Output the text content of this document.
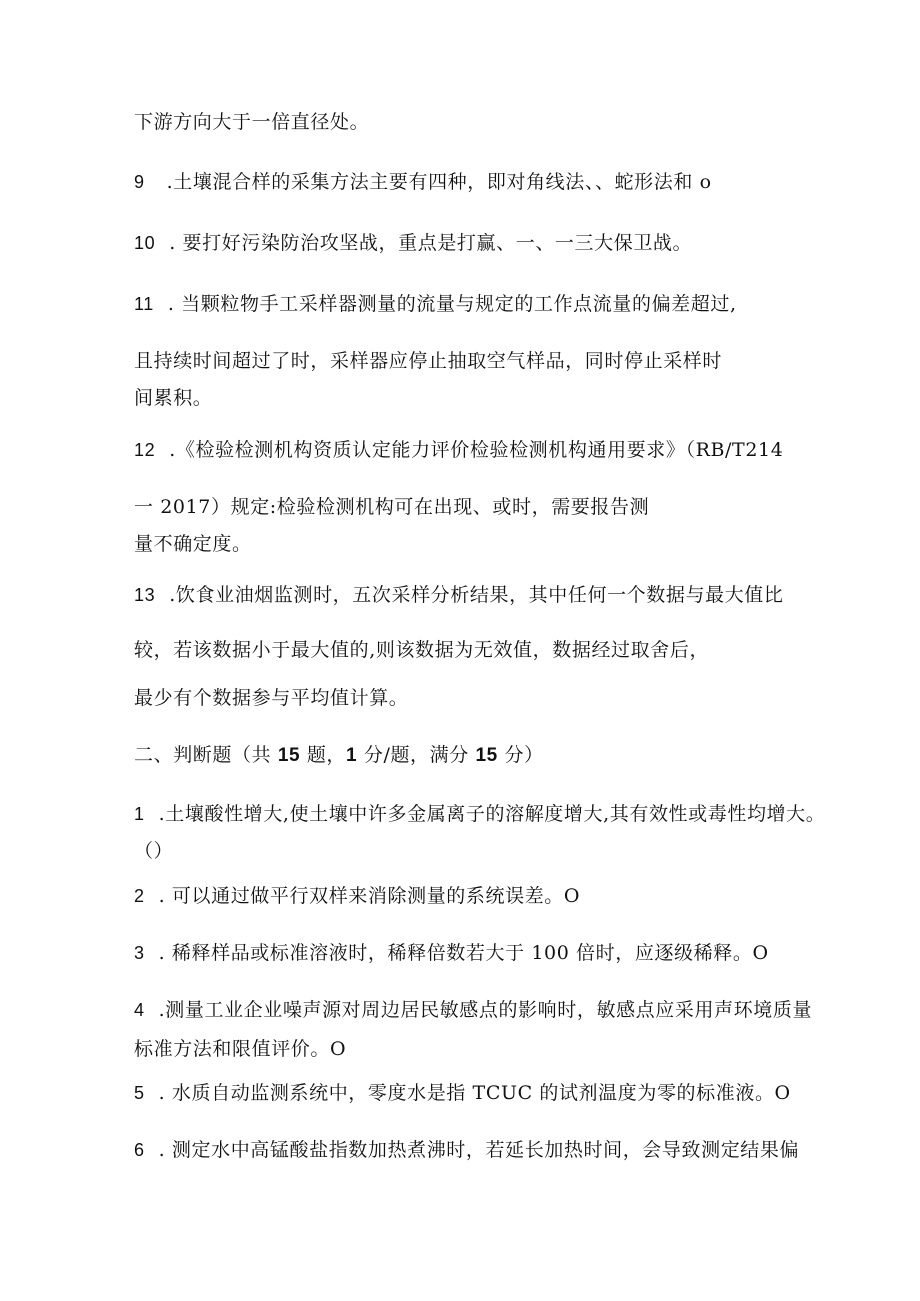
下游方向大于一倍直径处。
9 .土壤混合样的采集方法主要有四种，即对角线法、、蛇形法和 o
10 . 要打好污染防治攻坚战，重点是打赢、一、一三大保卫战。
11 . 当颗粒物手工采样器测量的流量与规定的工作点流量的偏差超过,
且持续时间超过了时，采样器应停止抽取空气样品，同时停止采样时
间累积。
12 .《检验检测机构资质认定能力评价检验检测机构通用要求》（RB/T214
一 2017）规定:检验检测机构可在出现、或时，需要报告测
量不确定度。
13 .饮食业油烟监测时，五次采样分析结果，其中任何一个数据与最大值比
较，若该数据小于最大值的,则该数据为无效值，数据经过取舍后，
最少有个数据参与平均值计算。
二、判断题（共 15 题，1 分/题，满分 15 分）
1 .土壤酸性增大,使土壤中许多金属离子的溶解度增大,其有效性或毒性均增大。
（）
2 . 可以通过做平行双样来消除测量的系统误差。O
3 . 稀释样品或标准溶液时，稀释倍数若大于 100 倍时，应逐级稀释。O
4 .测量工业企业噪声源对周边居民敏感点的影响时，敏感点应采用声环境质量
标准方法和限值评价。O
5 . 水质自动监测系统中，零度水是指 TCUC 的试剂温度为零的标准液。O
6 . 测定水中高锰酸盐指数加热煮沸时，若延长加热时间，会导致测定结果偏
